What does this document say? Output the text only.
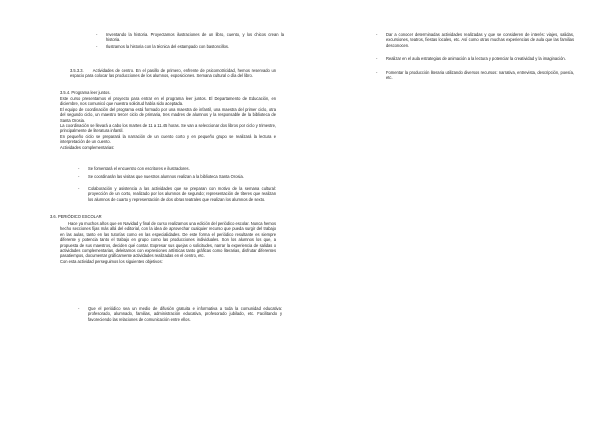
- Inventando la historia. Proyectamos ilustraciones de un libro, cuento, y los chicos crean la historia.
- Ilustramos la historia con la técnica del estampado con bastoncillos.
3.5.3.3. Actividades de centro. En el pasillo de primero, enfrente de psicomotricidad, hemos reservado un espacio para colocar las producciones de los alumnos, exposiciones. Semana cultural o día del libro.
3.5.4. Programa leer juntos.
Este curso presentamos el proyecto para entrar en el programa leer juntos. El Departamento de Educación, en diciembre, nos comunicó que nuestra solicitud había sido aceptada.
El equipo de coordinación del programa está formado por una maestra de infantil, una maestra del primer ciclo, otra del segundo ciclo, un maestro tercer ciclo de primaria, tres madres de alumnos y la responsable de la biblioteca de Santa Orosia.
La coordinación se llevará a cabo los martes de 11 a 11.45 horas. Se van a seleccionar dos libros por ciclo y trimestre, principalmente de literatura infantil.
En pequeño ciclo se preparará la narración de un cuento corto y en pequeño grupo se realizará la lectura e interpretación de un cuento.
Actividades complementarias:
- Se fomentará el encuentro con escritores e ilustradores.
- Se coordinarán las visitas que nuestros alumnos realizan a la biblioteca Santa Orosia.
- Colaboración y asistencia a las actividades que se preparan con motivo de la semana cultural: proyección de un corto, realizado por los alumnos de segundo; representación de títeres que realizan los alumnos de cuarto y representación de dos obras teatrales que realizan los alumnos de sexto.
3.6. PERIÓDICO ESCOLAR
Hace ya muchos años que en Navidad y final de curso realizamos una edición del periódico escolar. Nunca hemos hecho secciones fijas más allá del editorial, con la idea de aprovechar cualquier recurso que pueda surgir del trabajo en las aulas, tanto en las tutorías como en las especialidades. De este forma el periódico resultante es siempre diferente y potencia tanto el trabajo en grupo como las producciones individuales. Son los alumnos los que, a propuesta de sus maestros, deciden qué contar. Expresar sus quejas o solicitudes, narrar la experiencia de salidas o actividades complementarias, deleitarnos con expresiones artísticas tanto gráficas como literarias, disfrutar diferentes pasatiempos, documentar gráficamente actividades realizadas en el centro, etc.
Con esta actividad perseguimos los siguientes objetivos:
- Que el periódico sea un medio de difusión gratuita e informativa a toda la comunidad educativa: profesorado, alumnado, familias, administración educativa, profesorado jubilado, etc. Facilitando y favoreciendo las relaciones de comunicación entre ellos.
- Dar a conocer determinadas actividades realizadas y que se consideren de interés: viajes, salidas, excursiones, teatros, fiestas locales, etc. Así como otras muchas experiencias de aula que las familias desconocen.
- Realizar en el aula estrategias de animación a la lectura y potenciar la creatividad y la imaginación.
- Fomentar la producción literaria utilizando diversos recursos: narrativa, entrevista, descripción, poesía, etc.
